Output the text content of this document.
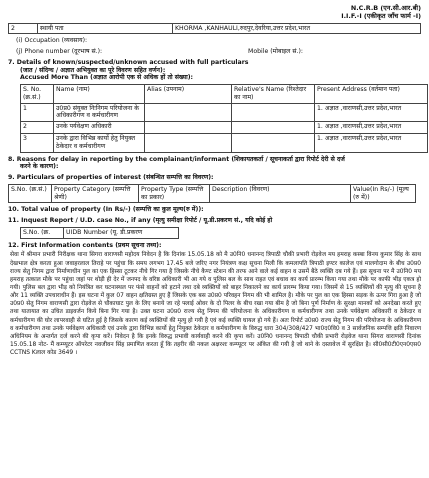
N.C.R.B (एन.सी.आर.बी)
I.I.F.-I (एकीकृत जाँच फार्म -I)
2	स्थायी पता	KHORMA ,KANHAULI,रुदपुर,देवरिया,उत्तर प्रदेश,भारत
(i) Occupation (व्यवसाय):
(j) Phone number (दूरभाष सं.):	Mobile (मोबाइल सं.):
7. Details of known/suspected/unknown accused with full particulars
(जात / संदिग्ध / अज्ञात अभियुक्त का पूरे विवरण सहित वर्णन):
Accused More Than (अज्ञात आरोपी एक से अधिक हों तो संख्या):
S. No. (क्र.सं.)	Name (नाम)	Alias (उपनाम)	Relative's Name (रिश्तेदार का नाम)	Present Address (वर्तमान पता)
1	उ0प्र0 संयुक्त निःनिगम परियोजना के अधिकारीगण व कर्मचारीगण			1. अज्ञात ,वाराणसी,उत्तर प्रदेश,भारत
2	उनके पर्यवेक्षण अधिकारी			1. अज्ञात ,वाराणसी,उत्तर प्रदेश,भारत
3	उनके द्वारा विभिन्न कार्यो हेतु नियुक्त ठेकेदार व कर्मचारीगण			1. अज्ञात ,वाराणसी,उत्तर प्रदेश,भारत
8. Reasons for delay in reporting by the complainant/informant (शिकायतकर्ता / सूचनाकर्ता द्वारा रिपोर्ट देरी से दर्ज
करने के कारण):
9. Particulars of properties of interest (संबन्धित सम्पत्ति का विवरण):
S.No. (क्र.सं.)	Property Category (सम्पत्ति श्रेणी)	Property Type (सम्पत्ति का प्रकार)	Description (विवरण)	Value(In Rs/-) (मूल्य (रु में))
10. Total value of property (In Rs/-) (सम्पत्ति का कुल मूल्य(रु में)):
11. Inquest Report / U.D. case No., if any (मृत्यु समीक्षा रिपोर्ट / यू.डी.प्रकरण सं., यदि कोई हो
S.No. (क्र.	UIDB Number (यू. डी.प्रकरण
12. First Information contents (प्रथम सूचना तथ्य):
सेवा में श्रीमान प्रभारी निरीक्षक थाना सिगरा वाराणसी महोदय निवेदन है कि दिनांक 15.05.18 को मै उ0नि0 धनानन्द त्रिपाठी चौकी प्रभारी रोड़वेज मय हमराह कस्बा विनय कुमार सिंह के साथ देखभाल क्षेत्र करता हुआ जवाहरलाल तिराहे पर पहुंचा कि समय लगभग 17.45 बजे जरिए नगर नियंत्रण कक्ष सूचना मिली कि कमलापति त्रिपाठी इण्टर कालेज एवं मालगोदाम के बीच उ0प्र0 राज्य सेतु निगम द्वारा निर्माणाधीन पुल का एक हिस्सा टूटकर नीचे गिर गया है जिसके नीचे कैण्ट स्टेशन की तरफ आने वाले कई वाहन व उसमें बैठे व्यक्ति दब गये हैं। इस सूचना पर मै उ0नि0 मय हमराह तत्काल मौके पर पहुंचा जहां पर थोड़ी ही देर में जनपद के वरिष्ठ अधिकारी भी आ गये व पुलिस बल के साथ राहत एवं बचाव का कार्य प्रारम्भ किया गया तथा मौके पर काफी भीड़ एकत्र हो गयी। पुलिस बल द्वारा भीड़ को नियंत्रित कर घटनास्थल पर फंसे वाहनों को हटाने तथा दबे व्यक्तियों को बाहर निकालने का कार्य प्रारम्भ किया गया। जिसमें से 15 व्यक्तियों की मृत्यु की सूचना है और 11 व्यक्ति उपचाराधीन हैं। इस घटना में कुल 07 वाहन क्षतिग्रस्त हुए हैं जिसके एक बस उ0प्र0 परिवहन निगम की भी शामिल है। मौके पर पुल का एक हिस्सा सड़क के ऊपर गिरा हुआ है जो उ0प्र0 सेतु निगम वाराणसी द्वारा रोड़वेज से चौकाघाट पुल के लिए बनाये जा रहे फ्लाई ओवर के दो पिलर के बीच रखा गया बीम है जो बिना पूर्ण निर्माण के सुरक्षा मानकों को अनदेखा करते हुए तथा यातायात का उचित डाइवर्जन किये बिना गिर गया है। उक्त घटना उ0प्र0 राज्य सेतु निगम की परियोजना के अधिकारीगण व कर्मचारीगण तथा उनके पर्यवेक्षण अधिकारी व ठेकेदार व कर्मचारीगण की घोर लापरवाही से घटित हुई है जिसके कारण कई व्यक्तियों की मृत्यु हो गयी है एवं कई व्यक्ति घायल हो गये हैं। अतः रिपोर्ट उ0प्र0 राज्य सेतु निगम की परियोजना के अधिकारीगण व कर्मचारीगण तथा उनके पर्यवेक्षण अधिकारी एवं उनके द्वारा विभिन्न कार्यो हेतु नियुक्त ठेकेदार व कर्मचारीगण के विरुद्ध धारा 304/308/427 भा0द0वि0 व 3 सार्वजनिक सम्पत्ति क्षति निवारण अधिनियम के अन्तर्गत दर्ज करने की कृपा करें। निवेदन है कि इनके विरुद्ध प्रभावी कार्यवाही करने की कृपा करें। उ0नि0 धनानन्द त्रिपाठी चौकी प्रभारी रोड़वेज थाना सिगरा वाराणसी दिनांक 15.05.18 नोट- मैं कम्प्यूटर ऑपरेटर नवजीवन सिंह प्रमाणित करता हूँ कि तहरीर की नकल अक्षरशः कम्प्यूटर पर अंकित की गयी है जो थाने के दस्तावेज में सुरक्षित है। सी0सी0टी0एन0एस0 CCTNS Kलाल कोड 3649 ।
